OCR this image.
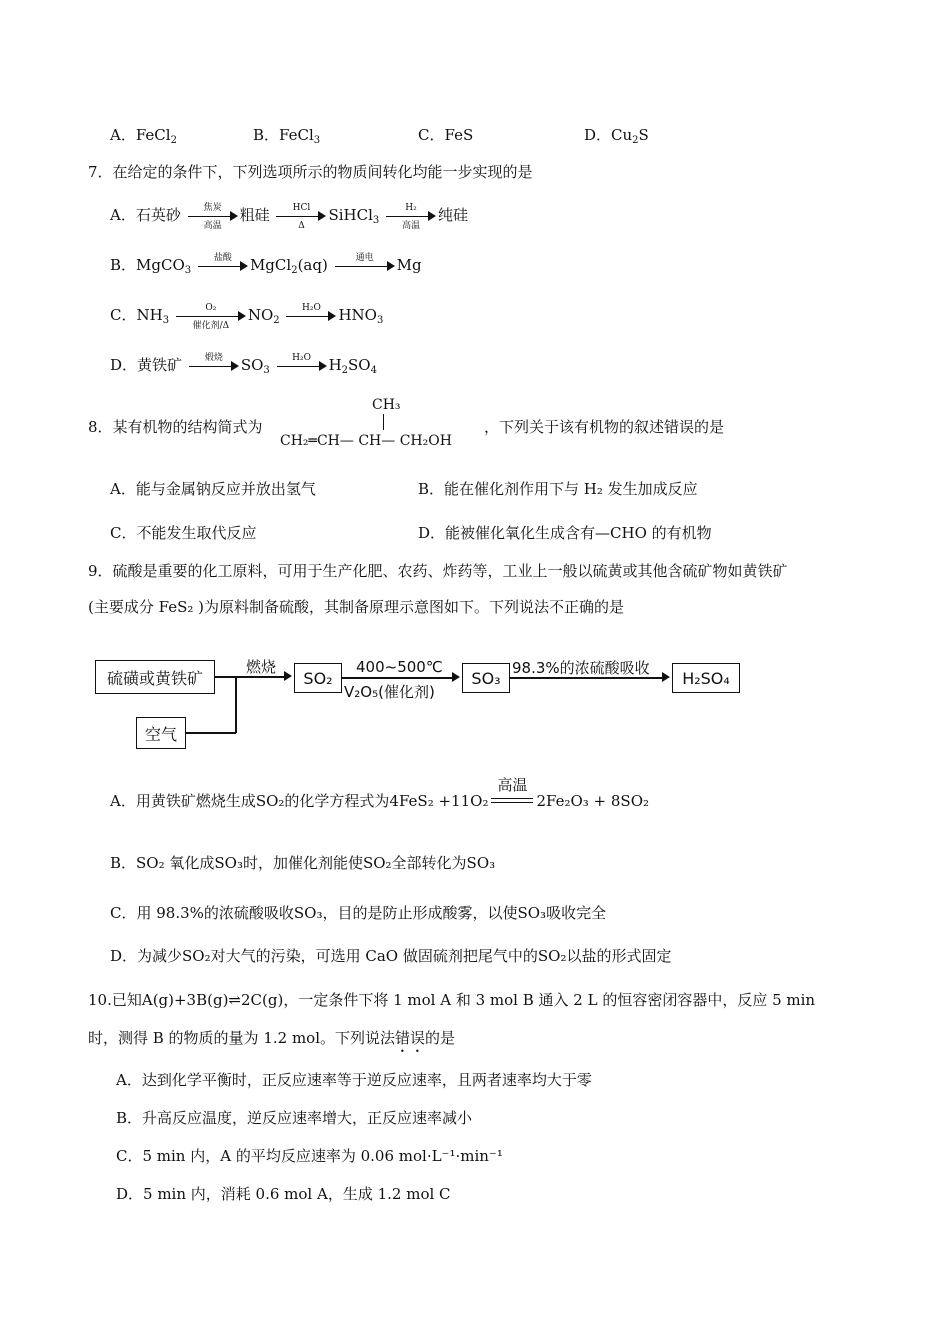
A．FeCl$_2$	B．FeCl$_3$	C．FeS	D．$Cu_2S$
7．在给定的条件下，下列选项所示的物质间转化均能一步实现的是
A．石英砂	焦炭
高温
粗硅	HCl
Δ
SiHCl$_3$
H₂
高温
纯硅
B．MgCO$_3$
盐酸	MgCl$_2$(aq)	通电	Mg
C．$NH_3$
O₂
催化剂/Δ
$NO_2$
H₂O	$HNO_3$
D．黄铁矿	煅烧	$SO_3$
H₂O	$H_2SO_4$
8．某有机物的结构简式为
CH₃
CH₂═CH— CH— CH₂OH
，下列关于该有机物的叙述错误的是
A．能与金属钠反应并放出氢气	B．能在催化剂作用下与 H₂ 发生加成反应
C．不能发生取代反应	D．能被催化氧化生成含有—CHO 的有机物
9．硫酸是重要的化工原料，可用于生产化肥、农药、炸药等，工业上一般以硫黄或其他含硫矿物如黄铁矿
(主要成分 FeS₂ )为原料制备硫酸，其制备原理示意图如下。下列说法不正确的是
硫磺或黄铁矿
空气
燃烧
SO₂
400~500℃
V₂O₅(催化剂)
SO₃
98.3%的浓硫酸吸收
H₂SO₄
A．用黄铁矿燃烧生成SO₂的化学方程式为4FeS₂ +11O₂
高温
2Fe₂O₃ + 8SO₂
B．SO₂ 氧化成SO₃时，加催化剂能使SO₂全部转化为SO₃
C．用 98.3%的浓硫酸吸收SO₃，目的是防止形成酸雾，以使SO₃吸收完全
D．为减少SO₂对大气的污染，可选用 CaO 做固硫剂把尾气中的SO₂以盐的形式固定
10.已知A(g)+3B(g)⇌2C(g)，一定条件下将 1 mol A 和 3 mol B 通入 2 L 的恒容密闭容器中，反应 5 min
时，测得 B 的物质的量为 1.2 mol。下列说法错误的是
A．达到化学平衡时，正反应速率等于逆反应速率，且两者速率均大于零
B．升高反应温度，逆反应速率增大，正反应速率减小
C．5 min 内，A 的平均反应速率为 0.06 mol·L⁻¹·min⁻¹
D．5 min 内，消耗 0.6 mol A，生成 1.2 mol C
